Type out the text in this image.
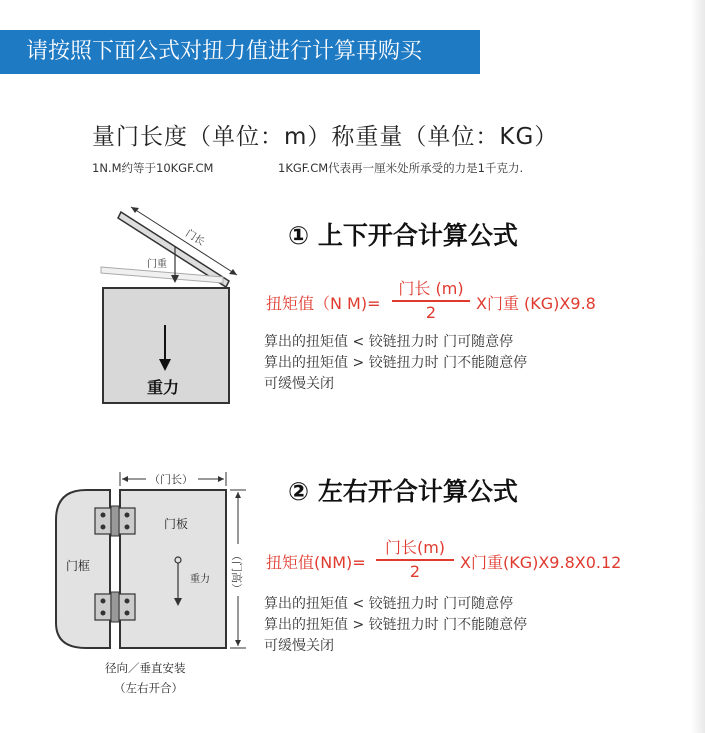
请按照下面公式对扭力值进行计算再购买
量门长度（单位：m）称重量（单位：KG）
1N.M约等于10KGF.CM	1KGF.CM代表再一厘米处所承受的力是1千克力.
门长
门重
重力
① 上下开合计算公式
扭矩值（N M)=
门长 (m)
2	X门重 (KG)X9.8
算出的扭矩值 < 铰链扭力时 门可随意停
算出的扭矩值 > 铰链扭力时 门不能随意停
可缓慢关闭
（门长）
门框
门板
重力 （门高）
径向／垂直安装
（左右开合）
② 左右开合计算公式
扭矩值(NM)=
门长(m)
2	X门重(KG)X9.8X0.12
算出的扭矩值 < 铰链扭力时 门可随意停
算出的扭矩值 > 铰链扭力时 门不能随意停
可缓慢关闭
